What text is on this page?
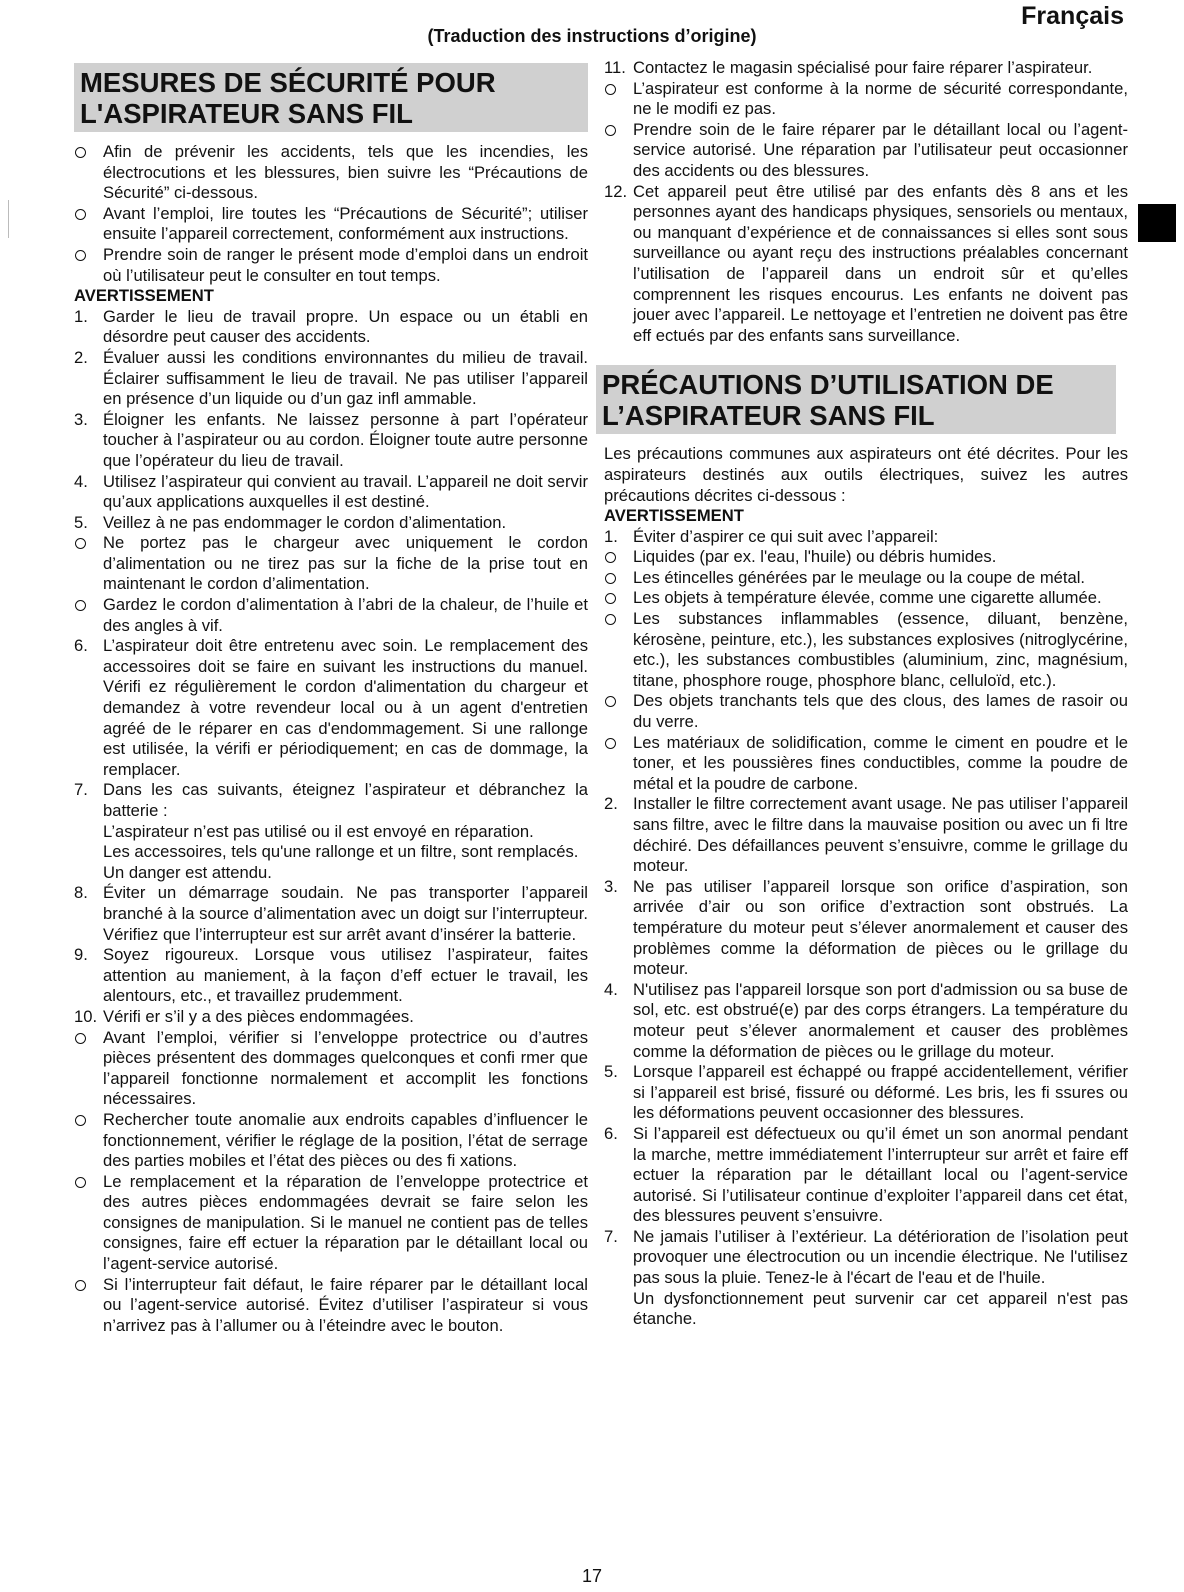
Français
(Traduction des instructions d’origine)
MESURES DE SÉCURITÉ POUR
L'ASPIRATEUR SANS FIL
Afin de prévenir les accidents, tels que les incendies, les électrocutions et les blessures, bien suivre les “Précautions de Sécurité” ci-dessous.
Avant l’emploi, lire toutes les “Précautions de Sécurité”; utiliser ensuite l’appareil correctement, conformément aux instructions.
Prendre soin de ranger le présent mode d’emploi dans un endroit où l’utilisateur peut le consulter en tout temps.
AVERTISSEMENT
1. Garder le lieu de travail propre. Un espace ou un établi en désordre peut causer des accidents.
2. Évaluer aussi les conditions environnantes du milieu de travail. Éclairer suffisamment le lieu de travail. Ne pas utiliser l’appareil en présence d’un liquide ou d’un gaz infl ammable.
3. Éloigner les enfants. Ne laissez personne à part l’opérateur toucher à l’aspirateur ou au cordon. Éloigner toute autre personne que l’opérateur du lieu de travail.
4. Utilisez l’aspirateur qui convient au travail. L’appareil ne doit servir qu’aux applications auxquelles il est destiné.
5. Veillez à ne pas endommager le cordon d’alimentation.
Ne portez pas le chargeur avec uniquement le cordon d’alimentation ou ne tirez pas sur la fiche de la prise tout en maintenant le cordon d’alimentation.
Gardez le cordon d’alimentation à l’abri de la chaleur, de l’huile et des angles à vif.
6. L’aspirateur doit être entretenu avec soin. Le remplacement des accessoires doit se faire en suivant les instructions du manuel. Vérifi ez régulièrement le cordon d'alimentation du chargeur et demandez à votre revendeur local ou à un agent d'entretien agréé de le réparer en cas d'endommagement. Si une rallonge est utilisée, la vérifi er périodiquement; en cas de dommage, la remplacer.
7. Dans les cas suivants, éteignez l’aspirateur et débranchez la batterie :
L’aspirateur n’est pas utilisé ou il est envoyé en réparation.
Les accessoires, tels qu'une rallonge et un filtre, sont remplacés.
Un danger est attendu.
8. Éviter un démarrage soudain. Ne pas transporter l’appareil branché à la source d’alimentation avec un doigt sur l’interrupteur. Vérifiez que l’interrupteur est sur arrêt avant d’insérer la batterie.
9. Soyez rigoureux. Lorsque vous utilisez l’aspirateur, faites attention au maniement, à la façon d’eff ectuer le travail, les alentours, etc., et travaillez prudemment.
10. Vérifi er s’il y a des pièces endommagées.
Avant l’emploi, vérifier si l’enveloppe protectrice ou d’autres pièces présentent des dommages quelconques et confi rmer que l’appareil fonctionne normalement et accomplit les fonctions nécessaires.
Rechercher toute anomalie aux endroits capables d’influencer le fonctionnement, vérifier le réglage de la position, l’état de serrage des parties mobiles et l’état des pièces ou des fi xations.
Le remplacement et la réparation de l’enveloppe protectrice et des autres pièces endommagées devrait se faire selon les consignes de manipulation. Si le manuel ne contient pas de telles consignes, faire eff ectuer la réparation par le détaillant local ou l’agent-service autorisé.
Si l’interrupteur fait défaut, le faire réparer par le détaillant local ou l’agent-service autorisé. Évitez d’utiliser l’aspirateur si vous n’arrivez pas à l’allumer ou à l’éteindre avec le bouton.
11. Contactez le magasin spécialisé pour faire réparer l’aspirateur.
L’aspirateur est conforme à la norme de sécurité correspondante, ne le modifi ez pas.
Prendre soin de le faire réparer par le détaillant local ou l’agent-service autorisé. Une réparation par l’utilisateur peut occasionner des accidents ou des blessures.
12. Cet appareil peut être utilisé par des enfants dès 8 ans et les personnes ayant des handicaps physiques, sensoriels ou mentaux, ou manquant d’expérience et de connaissances si elles sont sous surveillance ou ayant reçu des instructions préalables concernant l’utilisation de l’appareil dans un endroit sûr et qu’elles comprennent les risques encourus. Les enfants ne doivent pas jouer avec l’appareil. Le nettoyage et l’entretien ne doivent pas être eff ectués par des enfants sans surveillance.
PRÉCAUTIONS D’UTILISATION DE
L’ASPIRATEUR SANS FIL
Les précautions communes aux aspirateurs ont été décrites. Pour les aspirateurs destinés aux outils électriques, suivez les autres précautions décrites ci-dessous :
AVERTISSEMENT
1. Éviter d’aspirer ce qui suit avec l’appareil:
Liquides (par ex. l'eau, l'huile) ou débris humides.
Les étincelles générées par le meulage ou la coupe de métal.
Les objets à température élevée, comme une cigarette allumée.
Les substances inflammables (essence, diluant, benzène, kérosène, peinture, etc.), les substances explosives (nitroglycérine, etc.), les substances combustibles (aluminium, zinc, magnésium, titane, phosphore rouge, phosphore blanc, celluloïd, etc.).
Des objets tranchants tels que des clous, des lames de rasoir ou du verre.
Les matériaux de solidification, comme le ciment en poudre et le toner, et les poussières fines conductibles, comme la poudre de métal et la poudre de carbone.
2. Installer le filtre correctement avant usage. Ne pas utiliser l’appareil sans filtre, avec le filtre dans la mauvaise position ou avec un fi ltre déchiré. Des défaillances peuvent s’ensuivre, comme le grillage du moteur.
3. Ne pas utiliser l’appareil lorsque son orifice d’aspiration, son arrivée d’air ou son orifice d’extraction sont obstrués. La température du moteur peut s’élever anormalement et causer des problèmes comme la déformation de pièces ou le grillage du moteur.
4. N'utilisez pas l'appareil lorsque son port d'admission ou sa buse de sol, etc. est obstrué(e) par des corps étrangers. La température du moteur peut s’élever anormalement et causer des problèmes comme la déformation de pièces ou le grillage du moteur.
5. Lorsque l’appareil est échappé ou frappé accidentellement, vérifier si l’appareil est brisé, fissuré ou déformé. Les bris, les fi ssures ou les déformations peuvent occasionner des blessures.
6. Si l’appareil est défectueux ou qu’il émet un son anormal pendant la marche, mettre immédiatement l’interrupteur sur arrêt et faire eff ectuer la réparation par le détaillant local ou l’agent-service autorisé. Si l’utilisateur continue d’exploiter l’appareil dans cet état, des blessures peuvent s’ensuivre.
7. Ne jamais l’utiliser à l’extérieur. La détérioration de l’isolation peut provoquer une électrocution ou un incendie électrique. Ne l'utilisez pas sous la pluie. Tenez-le à l'écart de l'eau et de l'huile.
Un dysfonctionnement peut survenir car cet appareil n'est pas étanche.
17
